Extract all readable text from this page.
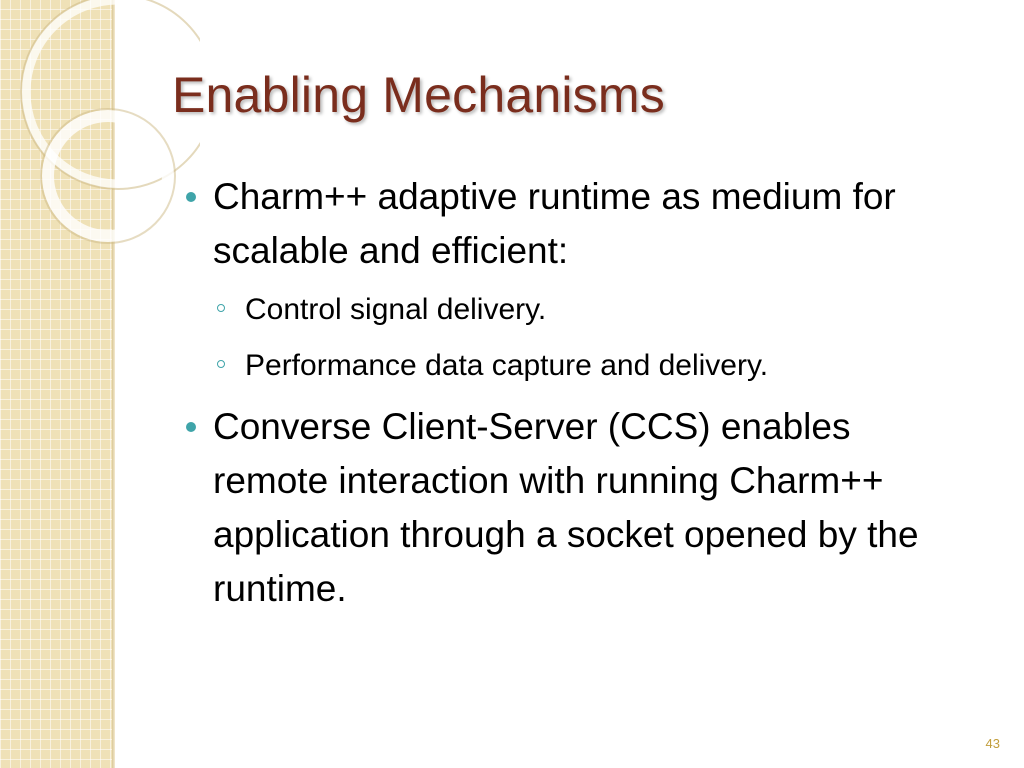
Enabling Mechanisms
Charm++ adaptive runtime as medium for scalable and efficient:
Control signal delivery.
Performance data capture and delivery.
Converse Client-Server (CCS) enables remote interaction with running Charm++ application through a socket opened by the runtime.
43
